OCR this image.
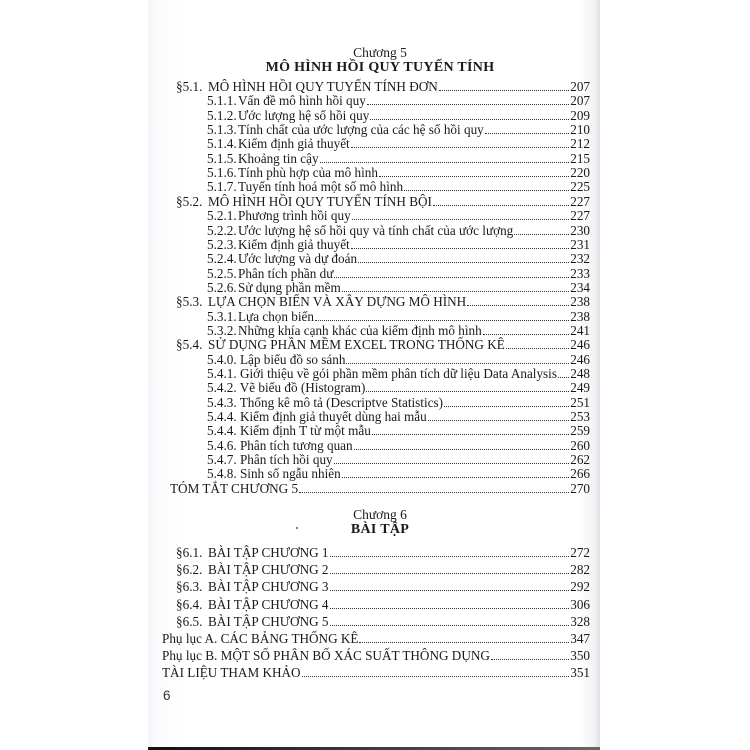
Chương 5
MÔ HÌNH HỒI QUY TUYẾN TÍNH
§5.1. MÔ HÌNH HỒI QUY TUYẾN TÍNH ĐƠN	207
5.1.1. Vấn đề mô hình hồi quy	207
5.1.2. Ước lượng hệ số hồi quy	209
5.1.3. Tính chất của ước lượng của các hệ số hồi quy	210
5.1.4. Kiểm định giả thuyết	212
5.1.5. Khoảng tin cậy	215
5.1.6. Tính phù hợp của mô hình	220
5.1.7. Tuyến tính hoá một số mô hình	225
§5.2. MÔ HÌNH HỒI QUY TUYẾN TÍNH BỘI	227
5.2.1. Phương trình hồi quy	227
5.2.2. Ước lượng hệ số hồi quy và tính chất của ước lượng	230
5.2.3. Kiểm định giả thuyết	231
5.2.4. Ước lượng và dự đoán	232
5.2.5. Phân tích phần dư	233
5.2.6. Sử dụng phần mềm	234
§5.3. LỰA CHỌN BIẾN VÀ XÂY DỰNG MÔ HÌNH	238
5.3.1. Lựa chọn biến	238
5.3.2. Những khía cạnh khác của kiểm định mô hình	241
§5.4. SỬ DỤNG PHẦN MỀM EXCEL TRONG THỐNG KÊ	246
5.4.0. Lập biểu đồ so sánh	246
5.4.1. Giới thiệu về gói phần mềm phân tích dữ liệu Data Analysis 248
5.4.2. Vẽ biểu đồ (Histogram)	249
5.4.3. Thống kê mô tả (Descriptve Statistics)	251
5.4.4. Kiểm định giả thuyết dùng hai mẫu	253
5.4.4. Kiểm định T từ một mẫu	259
5.4.6. Phân tích tương quan	260
5.4.7. Phân tích hồi quy	262
5.4.8. Sinh số ngẫu nhiên	266
TÓM TẮT CHƯƠNG 5	270
Chương 6
BÀI TẬP
§6.1. BÀI TẬP CHƯƠNG 1	272
§6.2. BÀI TẬP CHƯƠNG 2	282
§6.3. BÀI TẬP CHƯƠNG 3	292
§6.4. BÀI TẬP CHƯƠNG 4	306
§6.5. BÀI TẬP CHƯƠNG 5	328
Phụ lục A. CÁC BẢNG THỐNG KÊ	347
Phụ lục B. MỘT SỐ PHÂN BỐ XÁC SUẤT THÔNG DỤNG	350
TÀI LIỆU THAM KHẢO	351
6
